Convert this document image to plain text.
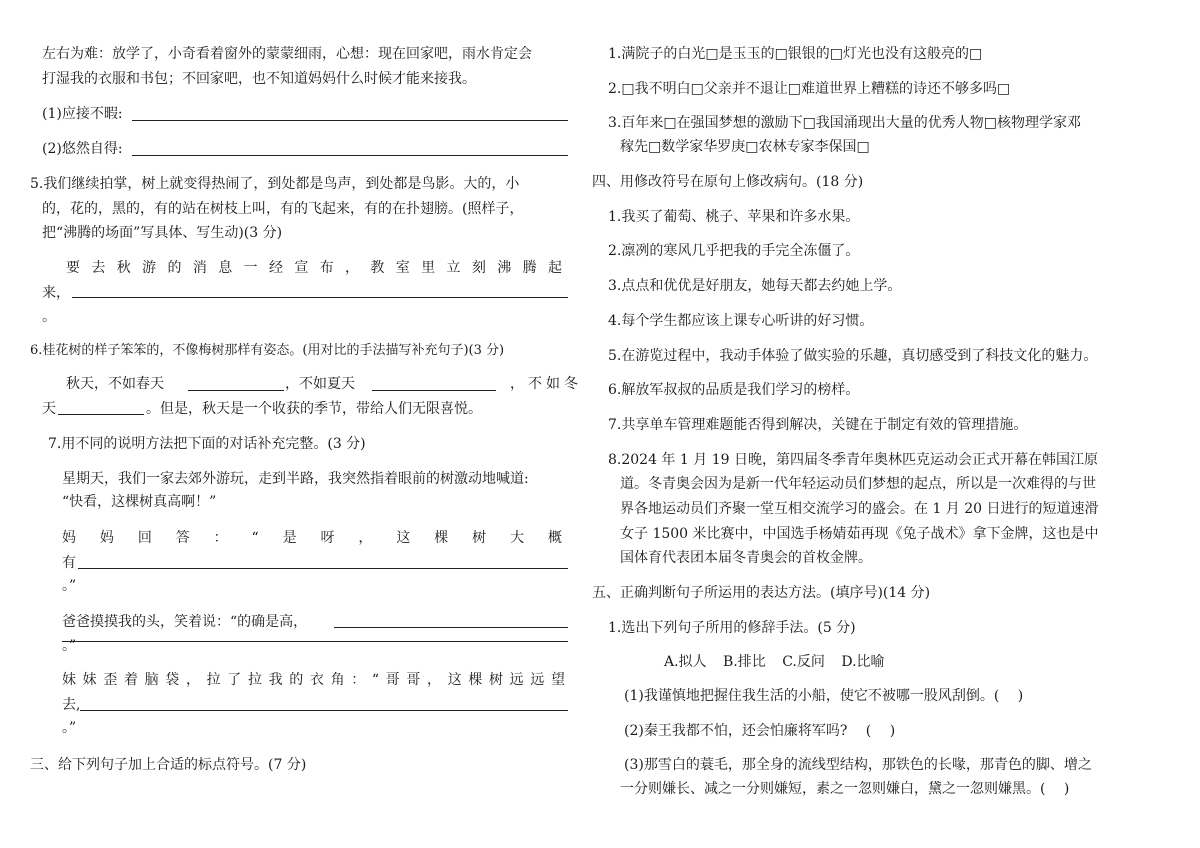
左右为难：放学了，小奇看着窗外的蒙蒙细雨，心想：现在回家吧，雨水肯定会
打湿我的衣服和书包；不回家吧，也不知道妈妈什么时候才能来接我。
(1)应接不暇:
(2)悠然自得:
5.我们继续拍掌，树上就变得热闹了，到处都是鸟声，到处都是鸟影。大的，小
的，花的，黑的，有的站在树枝上叫，有的飞起来，有的在扑翅膀。(照样子，
把“沸腾的场面”写具体、写生动)(3 分)
要去秋游的消息一经宣布，教室里立刻沸腾起
来，
。
6.桂花树的样子笨笨的，不像梅树那样有姿态。(用对比的手法描写补充句子)(3 分)
秋天，不如春天	，不如夏天	，不如冬
天	。但是，秋天是一个收获的季节，带给人们无限喜悦。
7.用不同的说明方法把下面的对话补充完整。(3 分)
星期天，我们一家去郊外游玩，走到半路，我突然指着眼前的树激动地喊道:
“快看，这棵树真高啊！”
妈妈回答：“是呀，这棵树大概
有
。”
爸爸摸摸我的头，笑着说：“的确是高，
。”
妹妹歪着脑袋，拉了拉我的衣角：“哥哥，这棵树远远望
去,
。”
三、给下列句子加上合适的标点符号。(7 分)
1.满院子的白光□是玉玉的□银银的□灯光也没有这般亮的□
2.□我不明白□父亲并不退让□难道世界上糟糕的诗还不够多吗□
3.百年来□在强国梦想的激励下□我国涌现出大量的优秀人物□核物理学家邓
稼先□数学家华罗庚□农林专家李保国□
四、用修改符号在原句上修改病句。(18 分)
1.我买了葡萄、桃子、苹果和许多水果。
2.凛冽的寒风几乎把我的手完全冻僵了。
3.点点和优优是好朋友，她每天都去约她上学。
4.每个学生都应该上课专心听讲的好习惯。
5.在游览过程中，我动手体验了做实验的乐趣，真切感受到了科技文化的魅力。
6.解放军叔叔的品质是我们学习的榜样。
7.共享单车管理难题能否得到解决，关键在于制定有效的管理措施。
8.2024 年 1 月 19 日晚，第四届冬季青年奥林匹克运动会正式开幕在韩国江原
道。冬青奥会因为是新一代年轻运动员们梦想的起点，所以是一次难得的与世
界各地运动员们齐聚一堂互相交流学习的盛会。在 1 月 20 日进行的短道速滑
女子 1500 米比赛中，中国选手杨婧茹再现《兔子战术》拿下金牌，这也是中
国体育代表团本届冬青奥会的首枚金牌。
五、正确判断句子所运用的表达方法。(填序号)(14 分)
1.选出下列句子所用的修辞手法。(5 分)
A.拟人 B.排比 C.反问 D.比喻
(1)我谨慎地把握住我生活的小船，使它不被哪一股风刮倒。(　 )
(2)秦王我都不怕，还会怕廉将军吗?　 (　 )
(3)那雪白的蓑毛，那全身的流线型结构，那铁色的长喙，那青色的脚、增之
一分则嫌长、减之一分则嫌短，素之一忽则嫌白，黛之一忽则嫌黑。(　 )
